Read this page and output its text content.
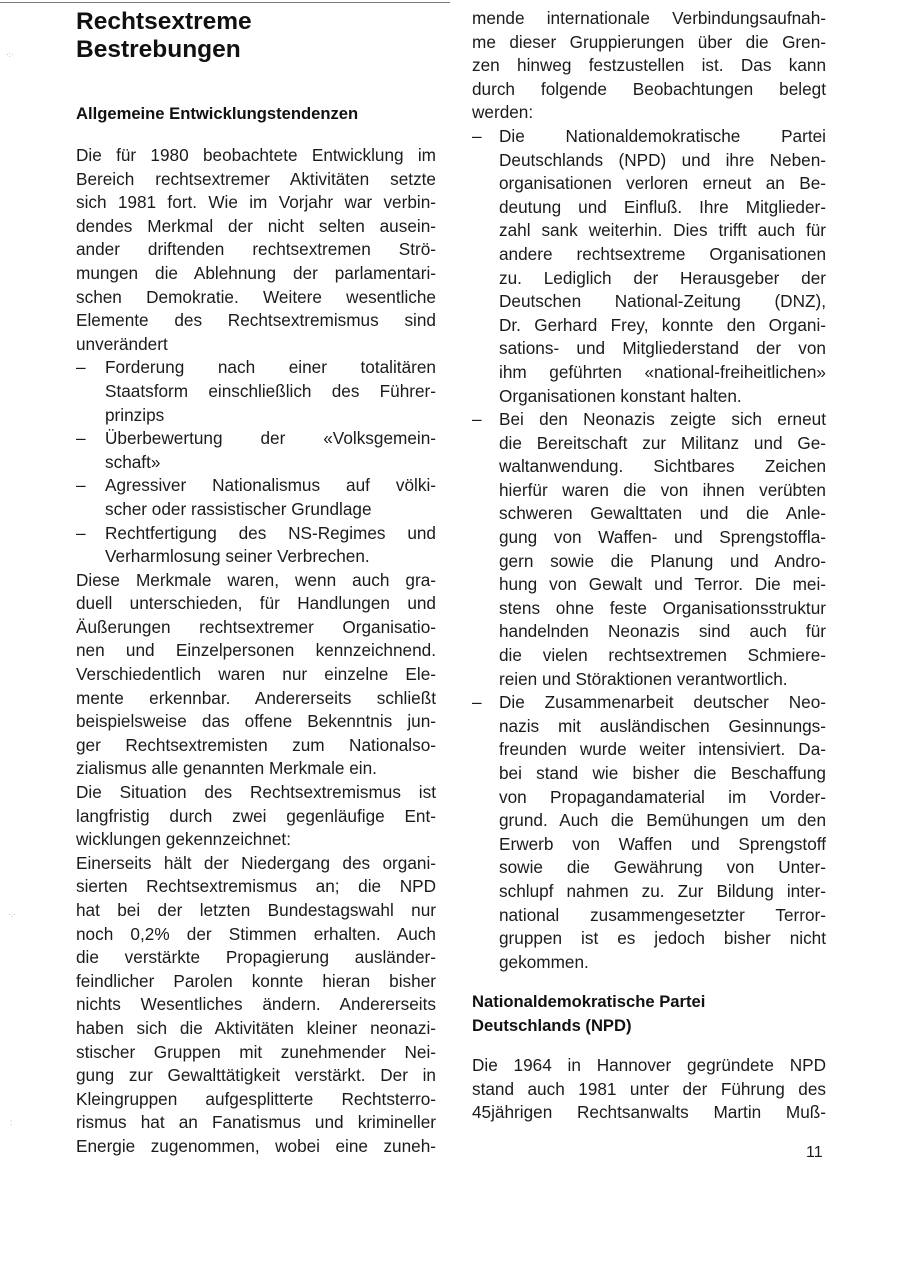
Rechtsextreme
Bestrebungen
Allgemeine Entwicklungstendenzen
Die für 1980 beobachtete Entwicklung im
Bereich rechtsextremer Aktivitäten setzte
sich 1981 fort. Wie im Vorjahr war verbin-
dendes Merkmal der nicht selten ausein-
ander driftenden rechtsextremen Strö-
mungen die Ablehnung der parlamentari-
schen Demokratie. Weitere wesentliche
Elemente des Rechtsextremismus sind
unverändert
– Forderung nach einer totalitären
Staatsform einschließlich des Führer-
prinzips
– Überbewertung der «Volksgemein-
schaft»
– Agressiver Nationalismus auf völki-
scher oder rassistischer Grundlage
– Rechtfertigung des NS-Regimes und
Verharmlosung seiner Verbrechen.
Diese Merkmale waren, wenn auch gra-
duell unterschieden, für Handlungen und
Äußerungen rechtsextremer Organisatio-
nen und Einzelpersonen kennzeichnend.
Verschiedentlich waren nur einzelne Ele-
mente erkennbar. Andererseits schließt
beispielsweise das offene Bekenntnis jun-
ger Rechtsextremisten zum Nationalso-
zialismus alle genannten Merkmale ein.
Die Situation des Rechtsextremismus ist
langfristig durch zwei gegenläufige Ent-
wicklungen gekennzeichnet:
Einerseits hält der Niedergang des organi-
sierten Rechtsextremismus an; die NPD
hat bei der letzten Bundestagswahl nur
noch 0,2% der Stimmen erhalten. Auch
die verstärkte Propagierung ausländer-
feindlicher Parolen konnte hieran bisher
nichts Wesentliches ändern. Andererseits
haben sich die Aktivitäten kleiner neonazi-
stischer Gruppen mit zunehmender Nei-
gung zur Gewalttätigkeit verstärkt. Der in
Kleingruppen aufgesplitterte Rechtsterro-
rismus hat an Fanatismus und krimineller
Energie zugenommen, wobei eine zuneh-
mende internationale Verbindungsaufnah-
me dieser Gruppierungen über die Gren-
zen hinweg festzustellen ist. Das kann
durch folgende Beobachtungen belegt
werden:
– Die Nationaldemokratische Partei
Deutschlands (NPD) und ihre Neben-
organisationen verloren erneut an Be-
deutung und Einfluß. Ihre Mitglieder-
zahl sank weiterhin. Dies trifft auch für
andere rechtsextreme Organisationen
zu. Lediglich der Herausgeber der
Deutschen National-Zeitung (DNZ),
Dr. Gerhard Frey, konnte den Organi-
sations- und Mitgliederstand der von
ihm geführten «national-freiheitlichen»
Organisationen konstant halten.
– Bei den Neonazis zeigte sich erneut
die Bereitschaft zur Militanz und Ge-
waltanwendung. Sichtbares Zeichen
hierfür waren die von ihnen verübten
schweren Gewalttaten und die Anle-
gung von Waffen- und Sprengstoffla-
gern sowie die Planung und Andro-
hung von Gewalt und Terror. Die mei-
stens ohne feste Organisationsstruktur
handelnden Neonazis sind auch für
die vielen rechtsextremen Schmiere-
reien und Störaktionen verantwortlich.
– Die Zusammenarbeit deutscher Neo-
nazis mit ausländischen Gesinnungs-
freunden wurde weiter intensiviert. Da-
bei stand wie bisher die Beschaffung
von Propagandamaterial im Vorder-
grund. Auch die Bemühungen um den
Erwerb von Waffen und Sprengstoff
sowie die Gewährung von Unter-
schlupf nahmen zu. Zur Bildung inter-
national zusammengesetzter Terror-
gruppen ist es jedoch bisher nicht
gekommen.
Nationaldemokratische Partei
Deutschlands (NPD)
Die 1964 in Hannover gegründete NPD
stand auch 1981 unter der Führung des
45jährigen Rechtsanwalts Martin Muß-
11
·:·
·.·
:
